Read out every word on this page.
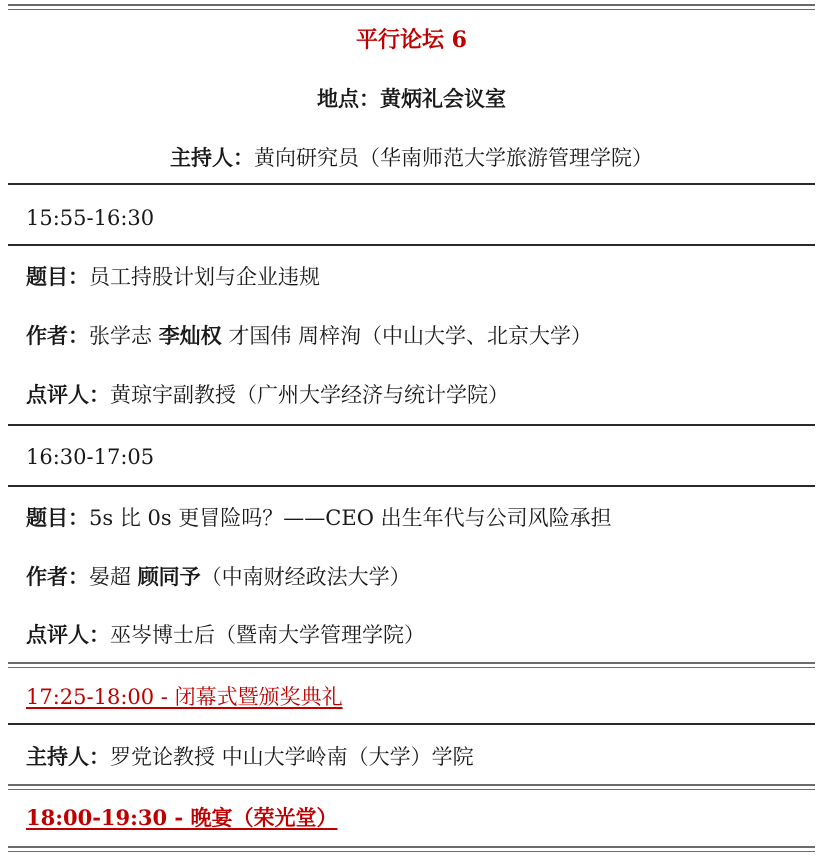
平行论坛 6
地点：黄炳礼会议室
主持人：黄向研究员（华南师范大学旅游管理学院）
15:55-16:30
题目：员工持股计划与企业违规
作者：张学志 李灿权 才国伟 周梓洵（中山大学、北京大学）
点评人：黄琼宇副教授（广州大学经济与统计学院）
16:30-17:05
题目：5s 比 0s 更冒险吗？——CEO 出生年代与公司风险承担
作者：晏超 顾同予（中南财经政法大学）
点评人：巫岑博士后（暨南大学管理学院）
17:25-18:00 - 闭幕式暨颁奖典礼
主持人：罗党论教授 中山大学岭南（大学）学院
18:00-19:30 - 晚宴（荣光堂）
